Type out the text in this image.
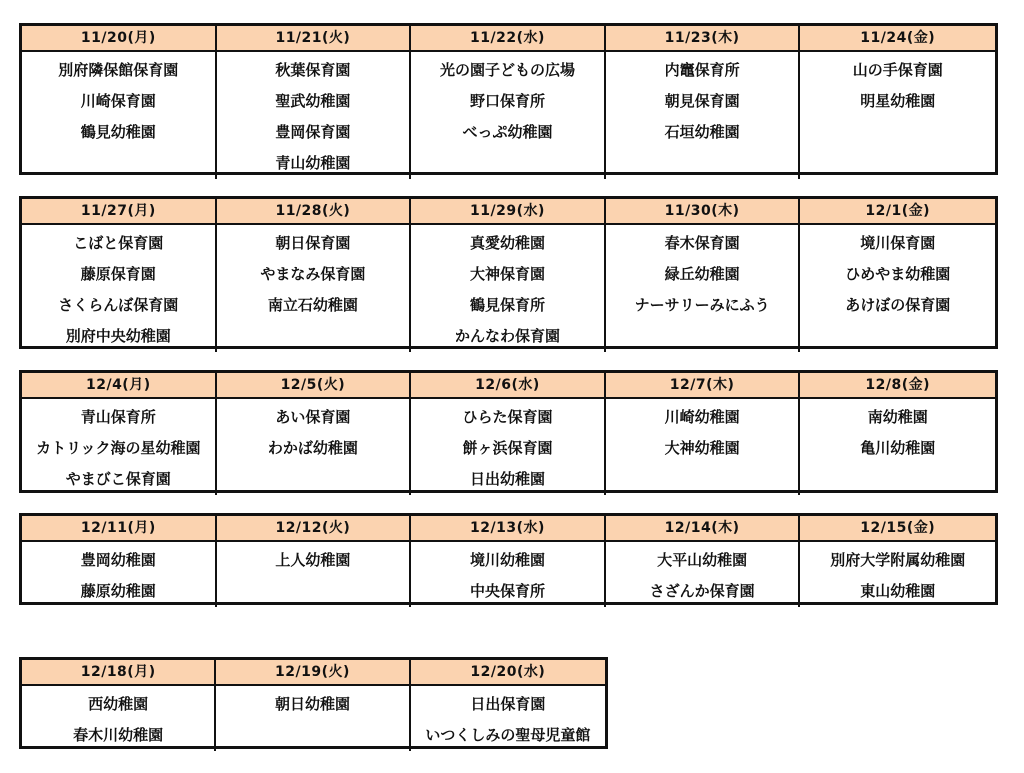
11/20(月)
別府隣保館保育園
川崎保育園
鶴見幼稚園
11/21(火)
秋葉保育園
聖武幼稚園
豊岡保育園
青山幼稚園
11/22(水)
光の園子どもの広場
野口保育所
べっぷ幼稚園
11/23(木)
内竈保育所
朝見保育園
石垣幼稚園
11/24(金)
山の手保育園
明星幼稚園
11/27(月)
こばと保育園
藤原保育園
さくらんぼ保育園
別府中央幼稚園
11/28(火)
朝日保育園
やまなみ保育園
南立石幼稚園
11/29(水)
真愛幼稚園
大神保育園
鶴見保育所
かんなわ保育園
11/30(木)
春木保育園
緑丘幼稚園
ナーサリーみにふう
12/1(金)
境川保育園
ひめやま幼稚園
あけぼの保育園
12/4(月)
青山保育所
カトリック海の星幼稚園
やまびこ保育園
12/5(火)
あい保育園
わかば幼稚園
12/6(水)
ひらた保育園
餅ヶ浜保育園
日出幼稚園
12/7(木)
川崎幼稚園
大神幼稚園
12/8(金)
南幼稚園
亀川幼稚園
12/11(月)
豊岡幼稚園
藤原幼稚園
12/12(火)
上人幼稚園
12/13(水)
境川幼稚園
中央保育所
12/14(木)
大平山幼稚園
さざんか保育園
12/15(金)
別府大学附属幼稚園
東山幼稚園
12/18(月)
西幼稚園
春木川幼稚園
12/19(火)
朝日幼稚園
12/20(水)
日出保育園
いつくしみの聖母児童館
